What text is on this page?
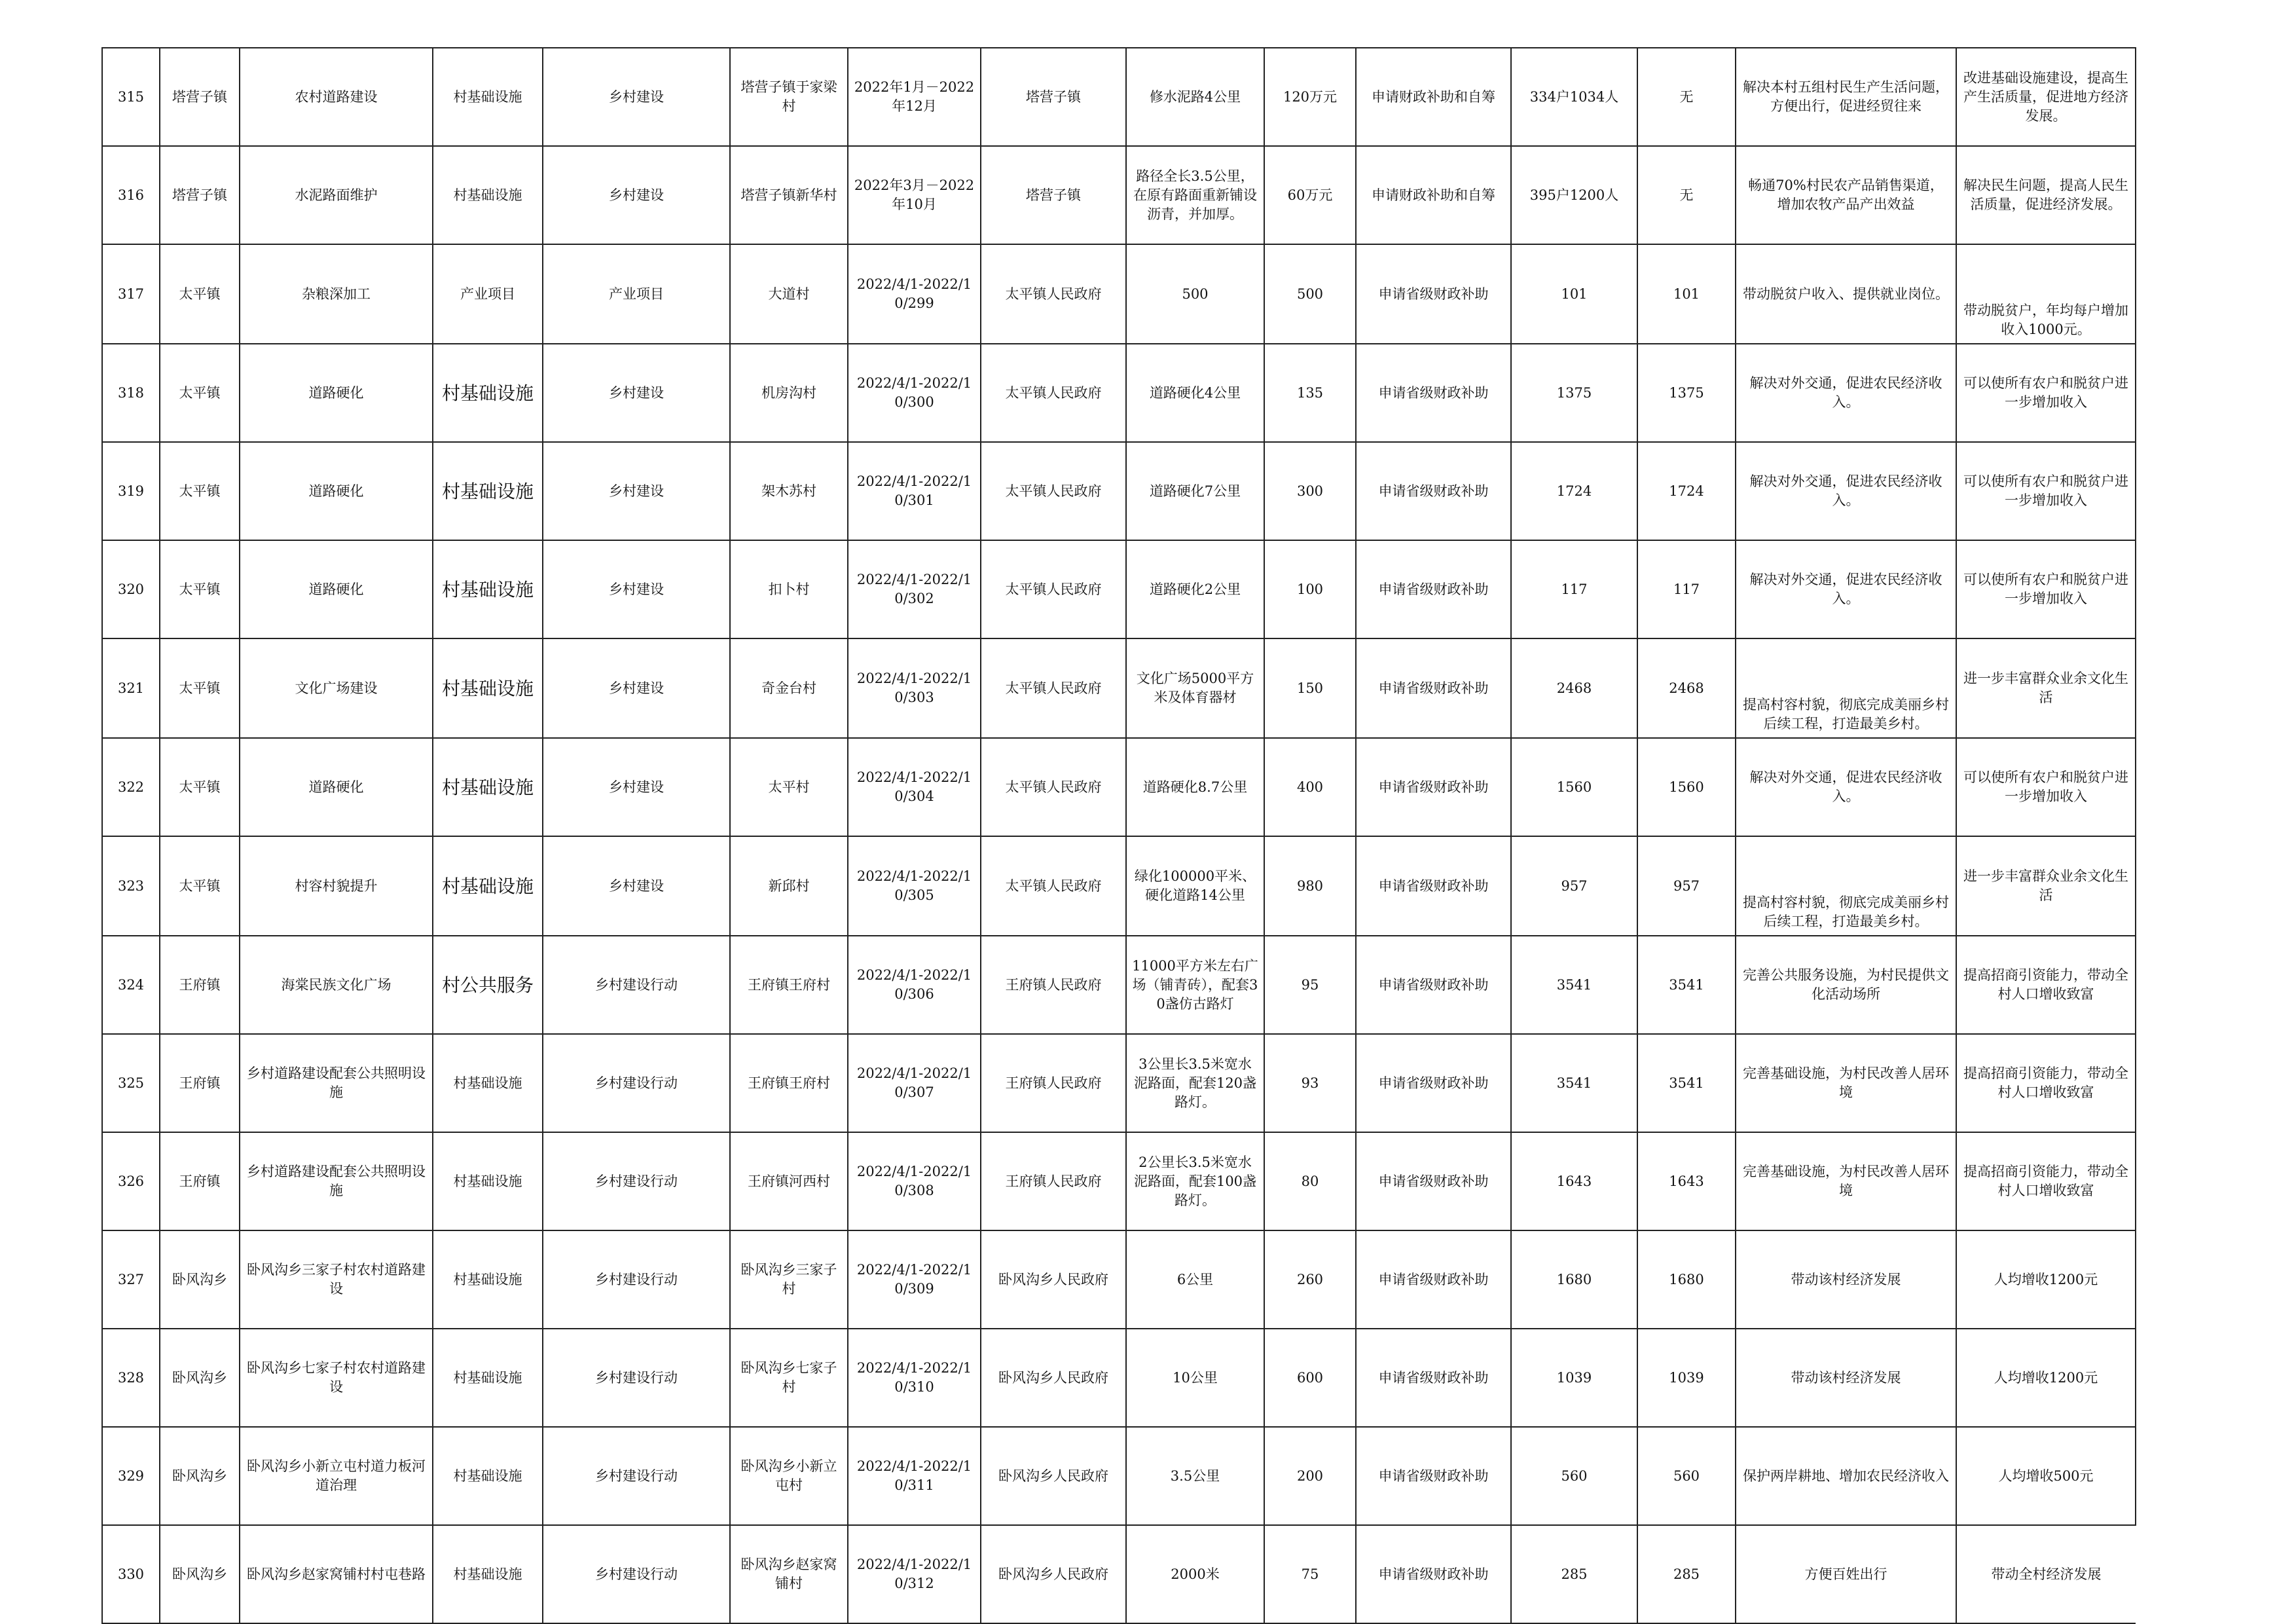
315	塔营子镇	农村道路建设	村基础设施	乡村建设	塔营子镇于家梁村	2022年1月－2022年12月	塔营子镇	修水泥路4公里	120万元	申请财政补助和自筹	334户1034人	无	解决本村五组村民生产生活问题，方便出行，促进经贸往来	改进基础设施建设，提高生产生活质量，促进地方经济发展。
316	塔营子镇	水泥路面维护	村基础设施	乡村建设	塔营子镇新华村	2022年3月－2022年10月	塔营子镇	路径全长3.5公里，在原有路面重新铺设沥青，并加厚。	60万元	申请财政补助和自筹	395户1200人	无	畅通70%村民农产品销售渠道，增加农牧产品产出效益	解决民生问题，提高人民生活质量，促进经济发展。
317	太平镇	杂粮深加工	产业项目	产业项目	大道村	2022/4/1-2022/10/299	太平镇人民政府	500	500	申请省级财政补助	101	101	带动脱贫户收入、提供就业岗位。	带动脱贫户，年均每户增加收入1000元。
318	太平镇	道路硬化	村基础设施	乡村建设	机房沟村	2022/4/1-2022/10/300	太平镇人民政府	道路硬化4公里	135	申请省级财政补助	1375	1375	解决对外交通，促进农民经济收入。	可以使所有农户和脱贫户进一步增加收入
319	太平镇	道路硬化	村基础设施	乡村建设	架木苏村	2022/4/1-2022/10/301	太平镇人民政府	道路硬化7公里	300	申请省级财政补助	1724	1724	解决对外交通，促进农民经济收入。	可以使所有农户和脱贫户进一步增加收入
320	太平镇	道路硬化	村基础设施	乡村建设	扣卜村	2022/4/1-2022/10/302	太平镇人民政府	道路硬化2公里	100	申请省级财政补助	117	117	解决对外交通，促进农民经济收入。	可以使所有农户和脱贫户进一步增加收入
321	太平镇	文化广场建设	村基础设施	乡村建设	奇金台村	2022/4/1-2022/10/303	太平镇人民政府	文化广场5000平方米及体育器材	150	申请省级财政补助	2468	2468	提高村容村貌，彻底完成美丽乡村后续工程，打造最美乡村。	进一步丰富群众业余文化生活
322	太平镇	道路硬化	村基础设施	乡村建设	太平村	2022/4/1-2022/10/304	太平镇人民政府	道路硬化8.7公里	400	申请省级财政补助	1560	1560	解决对外交通，促进农民经济收入。	可以使所有农户和脱贫户进一步增加收入
323	太平镇	村容村貌提升	村基础设施	乡村建设	新邱村	2022/4/1-2022/10/305	太平镇人民政府	绿化100000平米、硬化道路14公里	980	申请省级财政补助	957	957	提高村容村貌，彻底完成美丽乡村后续工程，打造最美乡村。	进一步丰富群众业余文化生活
324	王府镇	海棠民族文化广场	村公共服务	乡村建设行动	王府镇王府村	2022/4/1-2022/10/306	王府镇人民政府	11000平方米左右广场（铺青砖），配套30盏仿古路灯	95	申请省级财政补助	3541	3541	完善公共服务设施，为村民提供文化活动场所	提高招商引资能力，带动全村人口增收致富
325	王府镇	乡村道路建设配套公共照明设施	村基础设施	乡村建设行动	王府镇王府村	2022/4/1-2022/10/307	王府镇人民政府	3公里长3.5米宽水泥路面，配套120盏路灯。	93	申请省级财政补助	3541	3541	完善基础设施，为村民改善人居环境	提高招商引资能力，带动全村人口增收致富
326	王府镇	乡村道路建设配套公共照明设施	村基础设施	乡村建设行动	王府镇河西村	2022/4/1-2022/10/308	王府镇人民政府	2公里长3.5米宽水泥路面，配套100盏路灯。	80	申请省级财政补助	1643	1643	完善基础设施，为村民改善人居环境	提高招商引资能力，带动全村人口增收致富
327	卧风沟乡	卧风沟乡三家子村农村道路建设	村基础设施	乡村建设行动	卧风沟乡三家子村	2022/4/1-2022/10/309	卧风沟乡人民政府	6公里	260	申请省级财政补助	1680	1680	带动该村经济发展	人均增收1200元
328	卧风沟乡	卧风沟乡七家子村农村道路建设	村基础设施	乡村建设行动	卧风沟乡七家子村	2022/4/1-2022/10/310	卧风沟乡人民政府	10公里	600	申请省级财政补助	1039	1039	带动该村经济发展	人均增收1200元
329	卧风沟乡	卧风沟乡小新立屯村道力板河道治理	村基础设施	乡村建设行动	卧风沟乡小新立屯村	2022/4/1-2022/10/311	卧风沟乡人民政府	3.5公里	200	申请省级财政补助	560	560	保护两岸耕地、增加农民经济收入	人均增收500元
330	卧风沟乡	卧风沟乡赵家窝铺村村屯巷路	村基础设施	乡村建设行动	卧风沟乡赵家窝铺村	2022/4/1-2022/10/312	卧风沟乡人民政府	2000米	75	申请省级财政补助	285	285	方便百姓出行	带动全村经济发展
